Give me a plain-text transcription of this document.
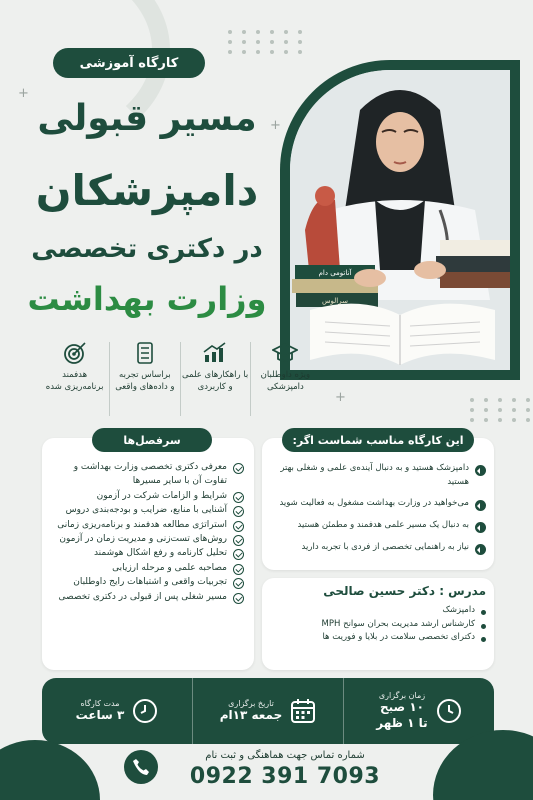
+
+
+
کارگاه آموزشی
مسیر قبولی
دامپزشکان
در دکتری تخصصی
وزارت بهداشت
آناتومی دام
سرالوس
ویژه داوطلبان
دامپزشکی
با راهکارهای علمی
و کاربردی
براساس تجربه
و داده‌های واقعی
هدفمند
برنامه‌ریزی شده
سرفصل‌ها
معرفی دکتری تخصصی وزارت بهداشت و تفاوت آن با سایر مسیرها
شرایط و الزامات شرکت در آزمون
آشنایی با منابع، ضرایب و بودجه‌بندی دروس
استراتژی مطالعه هدفمند و برنامه‌ریزی زمانی
روش‌های تست‌زنی و مدیریت زمان در آزمون
تحلیل کارنامه و رفع اشکال هوشمند
مصاحبه علمی و مرحله ارزیابی
تجربیات واقعی و اشتباهات رایج داوطلبان
مسیر شغلی پس از قبولی در دکتری تخصصی
این کارگاه مناسب شماست اگر:
دامپزشک هستید و به دنبال آینده‌ی علمی و شغلی بهتر هستید
می‌خواهید در وزارت بهداشت مشغول به فعالیت شوید
به دنبال یک مسیر علمی هدفمند و مطمئن هستید
نیاز به راهنمایی تخصصی از فردی با تجربه دارید
مدرس : دکتر حسین صالحی
دامپزشک
کارشناس ارشد مدیریت بحران سوانح MPH
دکترای تخصصی سلامت در بلایا و فوریت ها
زمان برگزاری
۱۰ صبح
تا ۱ ظهر
تاریخ برگزاری
جمعه ۱۳ام
مدت کارگاه
۳ ساعت
شماره تماس جهت هماهنگی و ثبت نام
0922 391 7093
